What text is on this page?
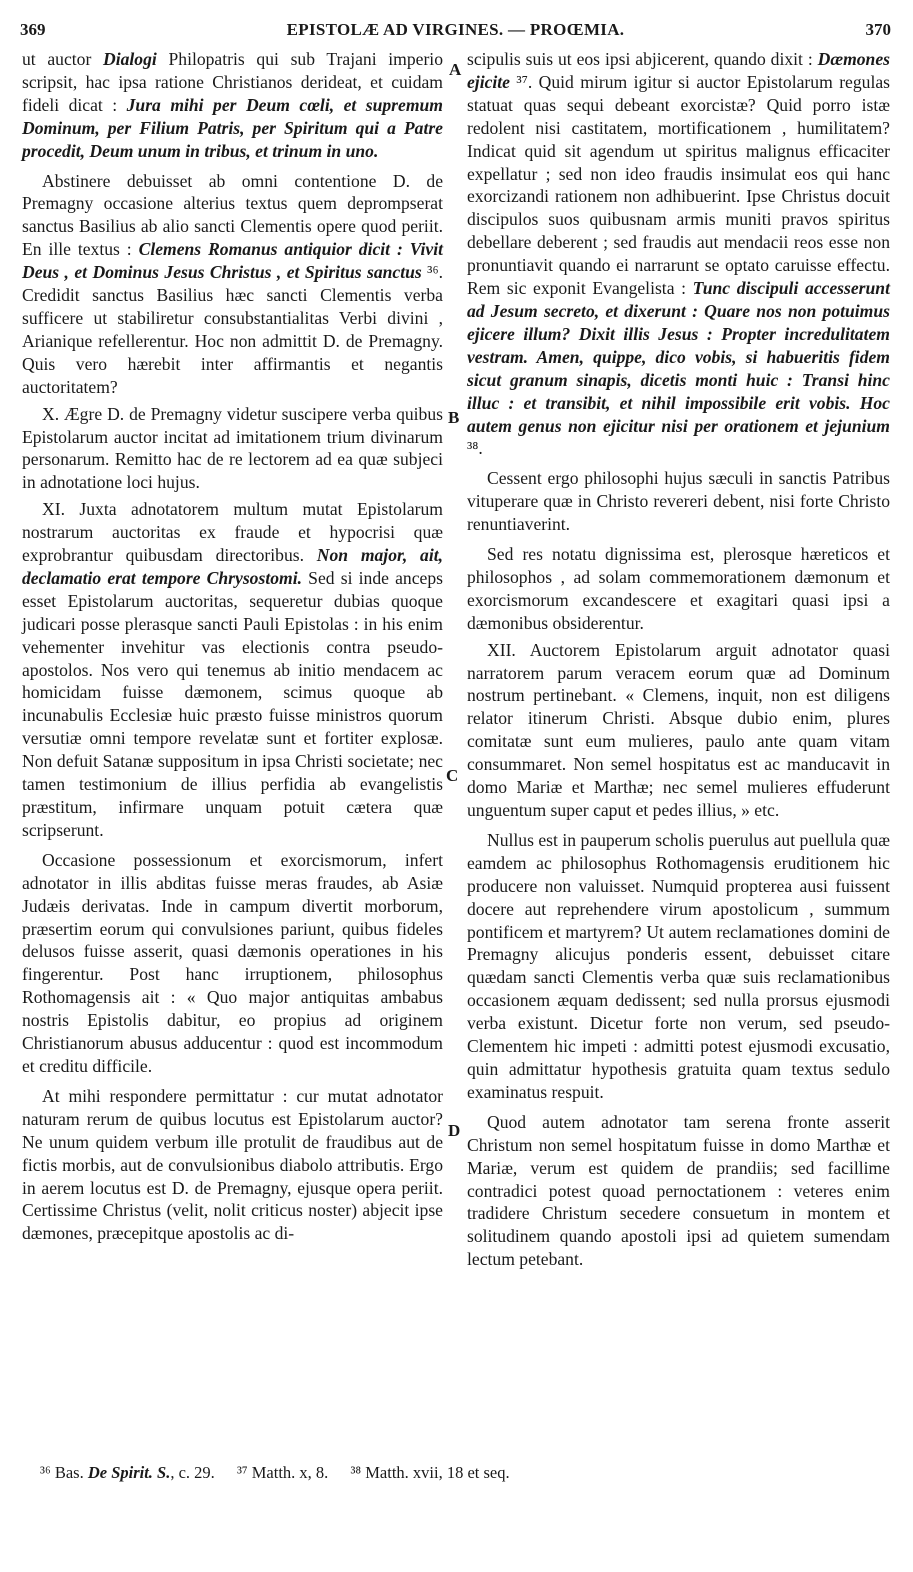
369	EPISTOLÆ AD VIRGINES. — PROŒMIA.	370
A
B
C
D

ut auctor Dialogi Philopatris qui sub Trajani imperio scripsit, hac ipsa ratione Christianos derideat, et cuidam fideli dicat : Jura mihi per Deum cœli, et supremum Dominum, per Filium Patris, per Spiritum qui a Patre procedit, Deum unum in tribus, et trinum in uno.

Abstinere debuisset ab omni contentione D. de Premagny occasione alterius textus quem deprompserat sanctus Basilius ab alio sancti Clementis opere quod periit. En ille textus : Clemens Romanus antiquior dicit : Vivit Deus , et Dominus Jesus Christus , et Spiritus sanctus ³⁶. Credidit sanctus Basilius hæc sancti Clementis verba sufficere ut stabiliretur consubstantialitas Verbi divini , Arianique refellerentur. Hoc non admittit D. de Premagny. Quis vero hærebit inter affirmantis et negantis auctoritatem?

X. Ægre D. de Premagny videtur suscipere verba quibus Epistolarum auctor incitat ad imitationem trium divinarum personarum. Remitto hac de re lectorem ad ea quæ subjeci in adnotatione loci hujus.

XI. Juxta adnotatorem multum mutat Epistolarum nostrarum auctoritas ex fraude et hypocrisi quæ exprobrantur quibusdam directoribus. Non major, ait, declamatio erat tempore Chrysostomi. Sed si inde anceps esset Epistolarum auctoritas, sequeretur dubias quoque judicari posse plerasque sancti Pauli Epistolas : in his enim vehementer invehitur vas electionis contra pseudo-apostolos. Nos vero qui tenemus ab initio mendacem ac homicidam fuisse dæmonem, scimus quoque ab incunabulis Ecclesiæ huic præsto fuisse ministros quorum versutiæ omni tempore revelatæ sunt et fortiter explosæ. Non defuit Satanæ suppositum in ipsa Christi societate; nec tamen testimonium de illius perfidia ab evangelistis præstitum, infirmare unquam potuit cætera quæ scripserunt.

Occasione possessionum et exorcismorum, infert adnotator in illis abditas fuisse meras fraudes, ab Asiæ Judæis derivatas. Inde in campum divertit morborum, præsertim eorum qui convulsiones pariunt, quibus fideles delusos fuisse asserit, quasi dæmonis operationes in his fingerentur. Post hanc irruptionem, philosophus Rothomagensis ait : « Quo major antiquitas ambabus nostris Epistolis dabitur, eo propius ad originem Christianorum abusus adducentur : quod est incommodum et creditu difficile.

At mihi respondere permittatur : cur mutat adnotator naturam rerum de quibus locutus est Epistolarum auctor? Ne unum quidem verbum ille protulit de fraudibus aut de fictis morbis, aut de convulsionibus diabolo attributis. Ergo in aerem locutus est D. de Premagny, ejusque opera periit. Certissime Christus (velit, nolit criticus noster) abjecit ipse dæmones, præcepitque apostolis ac di-

scipulis suis ut eos ipsi abjicerent, quando dixit : Dæmones ejicite ³⁷. Quid mirum igitur si auctor Epistolarum regulas statuat quas sequi debeant exorcistæ? Quid porro istæ redolent nisi castitatem, mortificationem , humilitatem? Indicat quid sit agendum ut spiritus malignus efficaciter expellatur ; sed non ideo fraudis insimulat eos qui hanc exorcizandi rationem non adhibuerint. Ipse Christus docuit discipulos suos quibusnam armis muniti pravos spiritus debellare deberent ; sed fraudis aut mendacii reos esse non pronuntiavit quando ei narrarunt se optato caruisse effectu. Rem sic exponit Evangelista : Tunc discipuli accesserunt ad Jesum secreto, et dixerunt : Quare nos non potuimus ejicere illum? Dixit illis Jesus : Propter incredulitatem vestram. Amen, quippe, dico vobis, si habueritis fidem sicut granum sinapis, dicetis monti huic : Transi hinc illuc : et transibit, et nihil impossibile erit vobis. Hoc autem genus non ejicitur nisi per orationem et jejunium ³⁸.

Cessent ergo philosophi hujus sæculi in sanctis Patribus vituperare quæ in Christo revereri debent, nisi forte Christo renuntiaverint.

Sed res notatu dignissima est, plerosque hæreticos et philosophos , ad solam commemorationem dæmonum et exorcismorum excandescere et exagitari quasi ipsi a dæmonibus obsiderentur.

XII. Auctorem Epistolarum arguit adnotator quasi narratorem parum veracem eorum quæ ad Dominum nostrum pertinebant. « Clemens, inquit, non est diligens relator itinerum Christi. Absque dubio enim, plures comitatæ sunt eum mulieres, paulo ante quam vitam consummaret. Non semel hospitatus est ac manducavit in domo Mariæ et Marthæ; nec semel mulieres effuderunt unguentum super caput et pedes illius, » etc.

Nullus est in pauperum scholis puerulus aut puellula quæ eamdem ac philosophus Rothomagensis eruditionem hic producere non valuisset. Numquid propterea ausi fuissent docere aut reprehendere virum apostolicum , summum pontificem et martyrem? Ut autem reclamationes domini de Premagny alicujus ponderis essent, debuisset citare quædam sancti Clementis verba quæ suis reclamationibus occasionem æquam dedissent; sed nulla prorsus ejusmodi verba existunt. Dicetur forte non verum, sed pseudo-Clementem hic impeti : admitti potest ejusmodi excusatio, quin admittatur hypothesis gratuita quam textus sedulo examinatus respuit.

Quod autem adnotator tam serena fronte asserit Christum non semel hospitatum fuisse in domo Marthæ et Mariæ, verum est quidem de prandiis; sed facillime contradici potest quoad pernoctationem : veteres enim tradidere Christum secedere consuetum in montem et solitudinem quando apostoli ipsi ad quietem sumendam lectum petebant.

³⁶ Bas. De Spirit. S., c. 29. ³⁷ Matth. x, 8. ³⁸ Matth. xvii, 18 et seq.
